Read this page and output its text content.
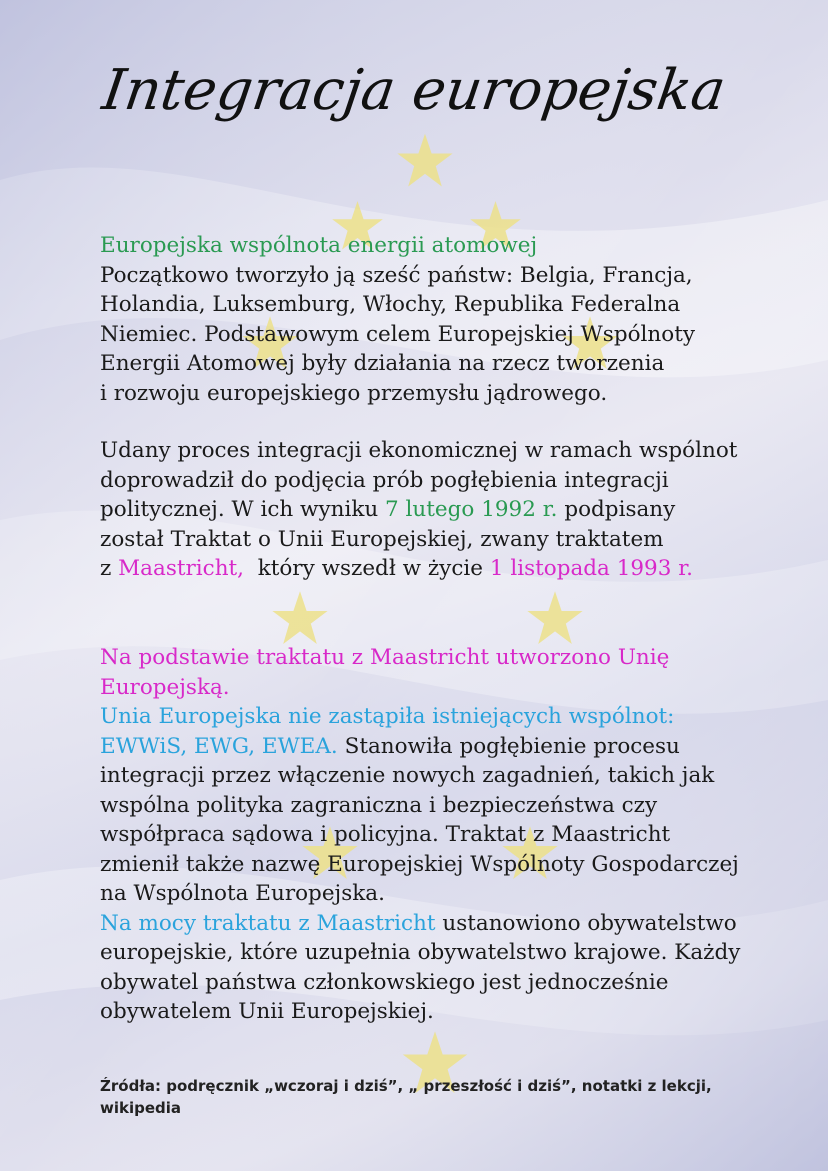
Integracja europejska
Europejska wspólnota energii atomowej
Początkowo tworzyło ją sześć państw: Belgia, Francja,
Holandia, Luksemburg, Włochy, Republika Federalna
Niemiec. Podstawowym celem Europejskiej Wspólnoty
Energii Atomowej były działania na rzecz tworzenia
i rozwoju europejskiego przemysłu jądrowego.
Udany proces integracji ekonomicznej w ramach wspólnot
doprowadził do podjęcia prób pogłębienia integracji
politycznej. W ich wyniku 7 lutego 1992 r. podpisany
został Traktat o Unii Europejskiej, zwany traktatem
z Maastricht,  który wszedł w życie 1 listopada 1993 r.
Na podstawie traktatu z Maastricht utworzono Unię
Europejską.
Unia Europejska nie zastąpiła istniejących wspólnot:
EWWiS, EWG, EWEA. Stanowiła pogłębienie procesu
integracji przez włączenie nowych zagadnień, takich jak
wspólna polityka zagraniczna i bezpieczeństwa czy
współpraca sądowa i policyjna. Traktat z Maastricht
zmienił także nazwę Europejskiej Wspólnoty Gospodarczej
na Wspólnota Europejska.
Na mocy traktatu z Maastricht ustanowiono obywatelstwo
europejskie, które uzupełnia obywatelstwo krajowe. Każdy
obywatel państwa członkowskiego jest jednocześnie
obywatelem Unii Europejskiej.
Źródła: podręcznik „wczoraj i dziś”, „ przeszłość i dziś”, notatki z lekcji,
wikipedia
